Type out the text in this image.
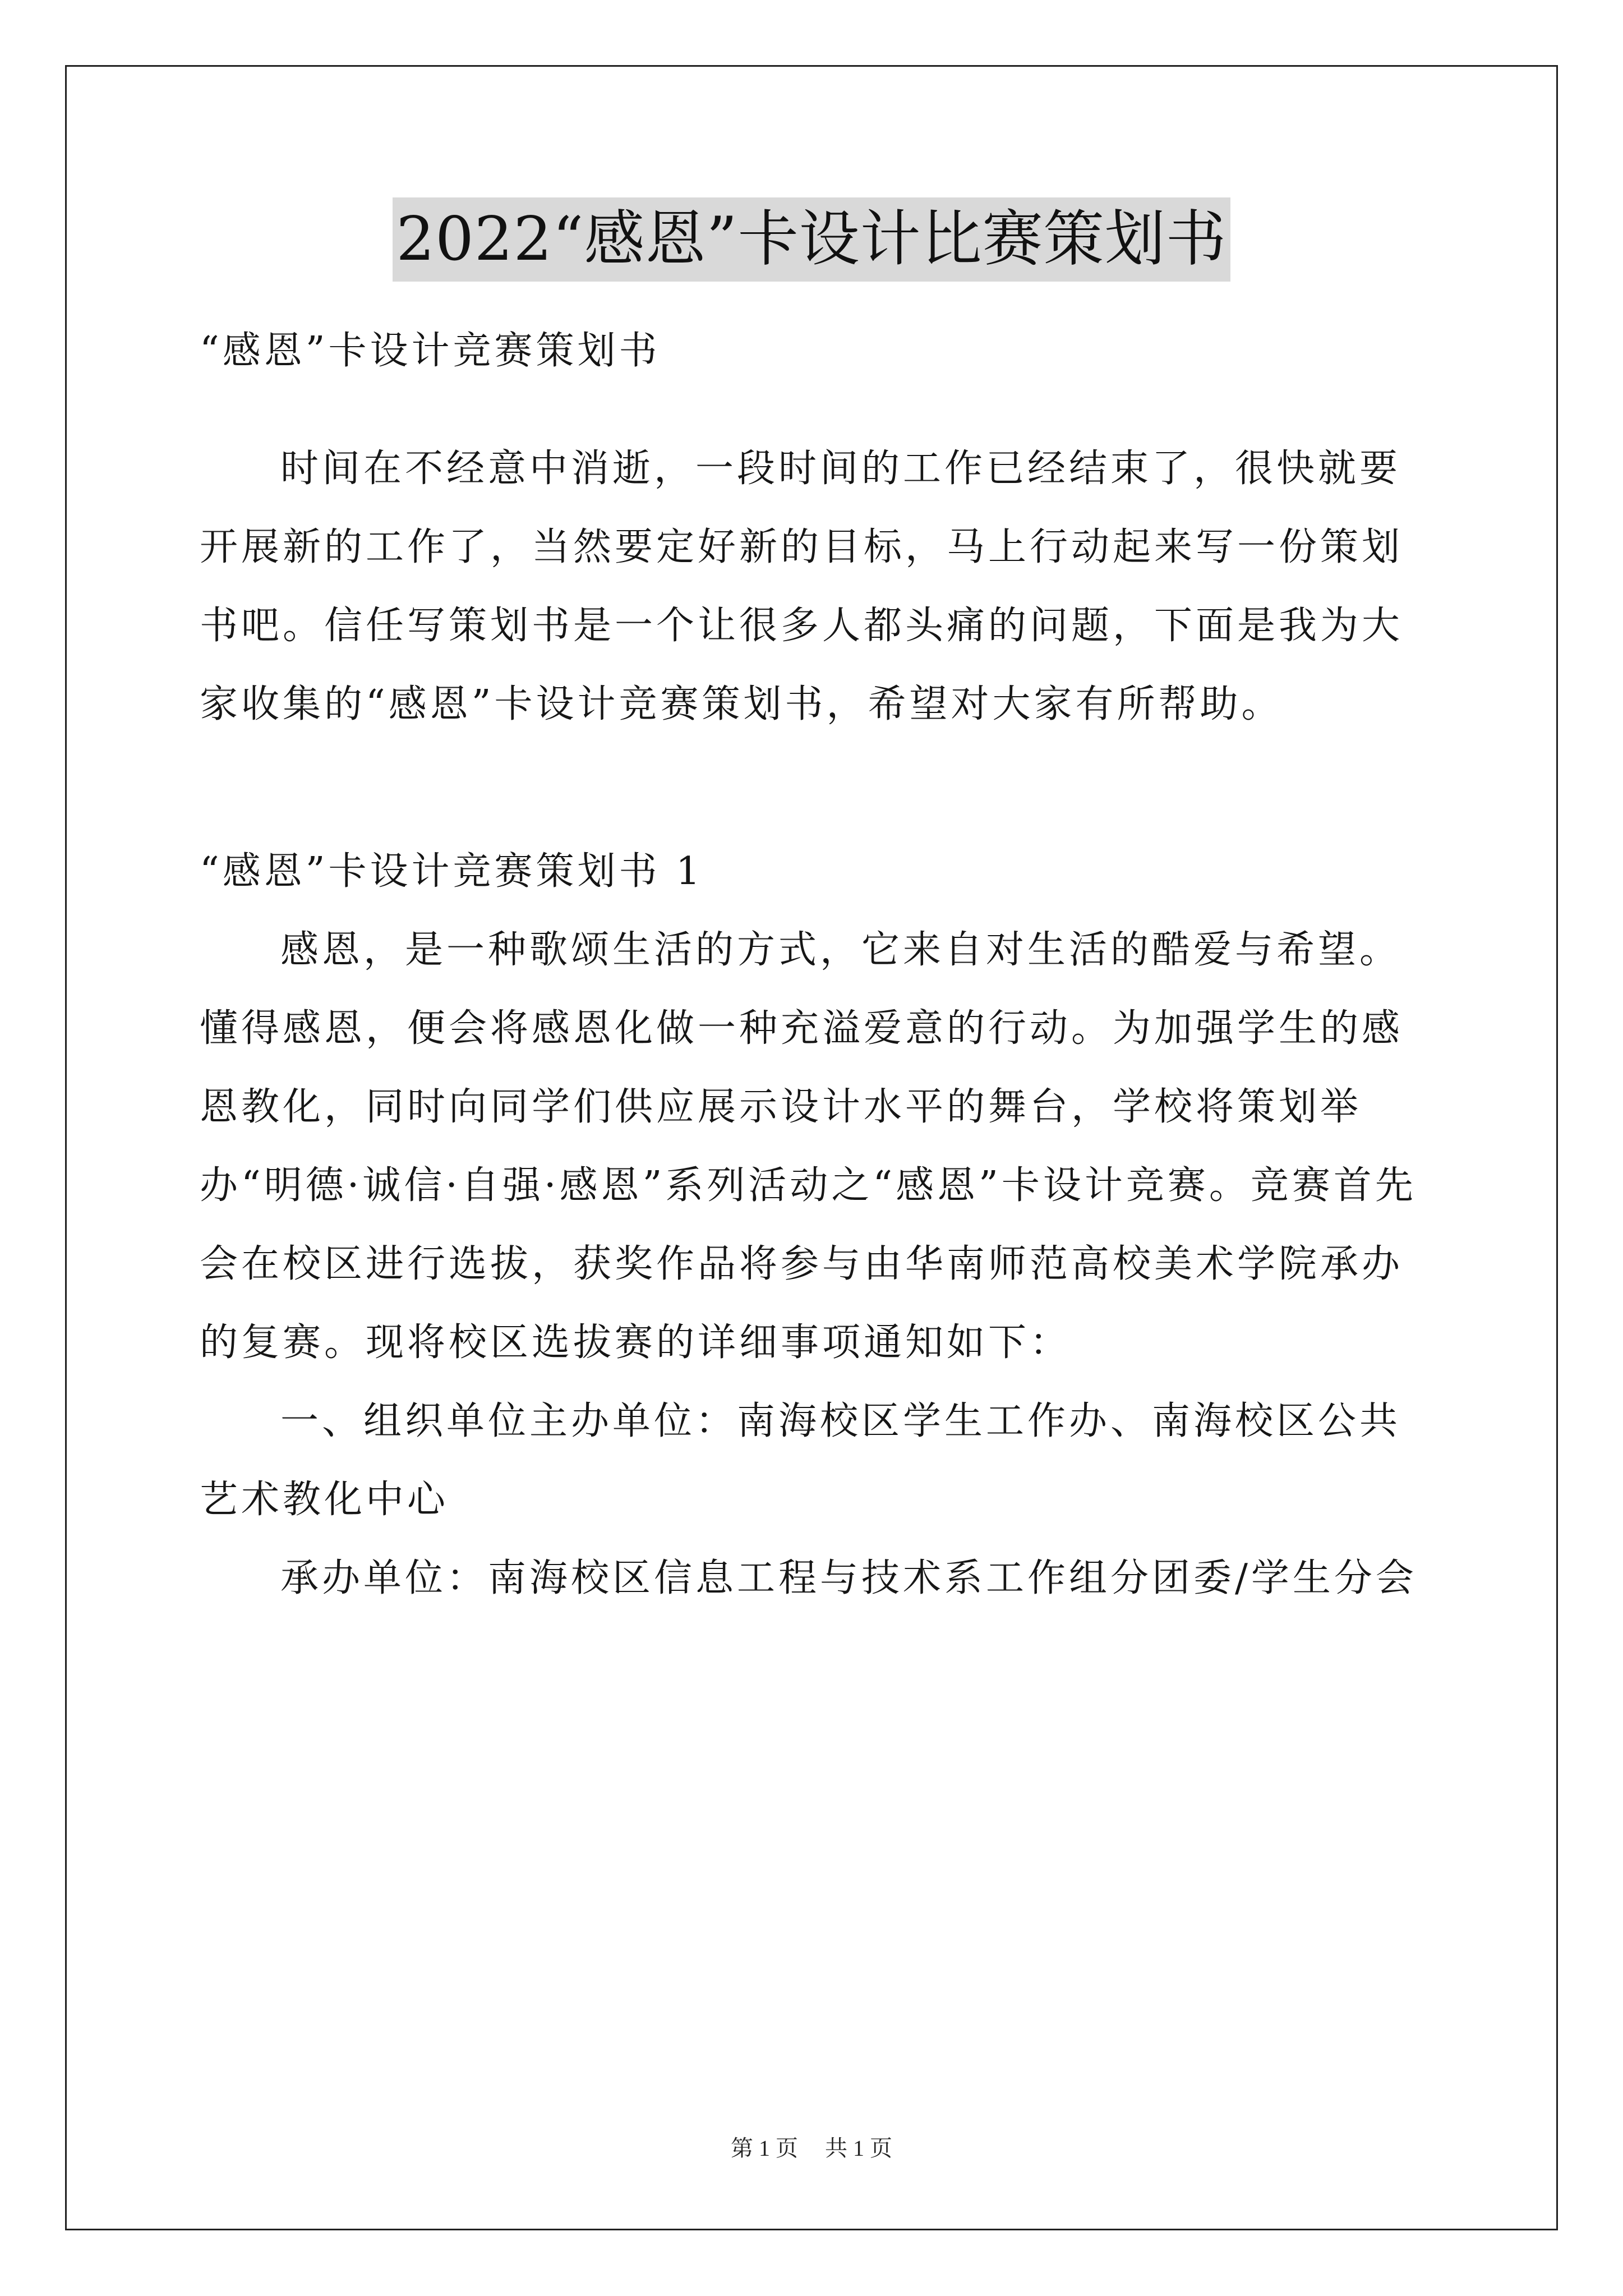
2022“感恩”卡设计比赛策划书

“感恩”卡设计竞赛策划书

时间在不经意中消逝，一段时间的工作已经结束了，很快就要开展新的工作了，当然要定好新的目标，马上行动起来写一份策划书吧。信任写策划书是一个让很多人都头痛的问题，下面是我为大家收集的“感恩”卡设计竞赛策划书，希望对大家有所帮助。

“感恩”卡设计竞赛策划书 1

感恩，是一种歌颂生活的方式，它来自对生活的酷爱与希望。懂得感恩，便会将感恩化做一种充溢爱意的行动。为加强学生的感恩教化，同时向同学们供应展示设计水平的舞台，学校将策划举办“明德·诚信·自强·感恩”系列活动之“感恩”卡设计竞赛。竞赛首先会在校区进行选拔，获奖作品将参与由华南师范高校美术学院承办的复赛。现将校区选拔赛的详细事项通知如下：

一、组织单位主办单位：南海校区学生工作办、南海校区公共艺术教化中心

承办单位：南海校区信息工程与技术系工作组分团委/学生分会

第 1 页 共 1 页
